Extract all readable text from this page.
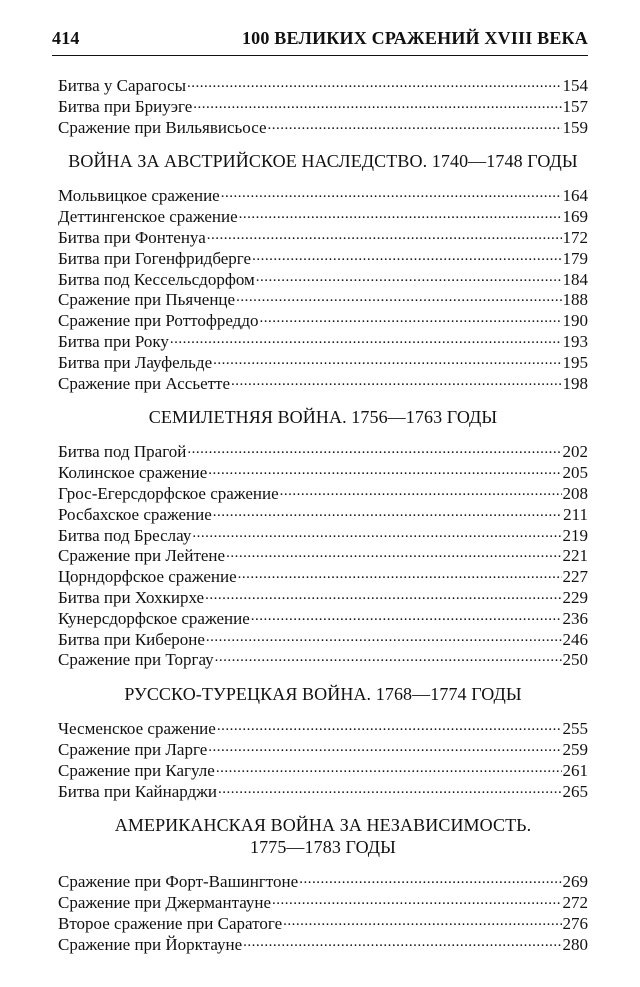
414	100 ВЕЛИКИХ СРАЖЕНИЙ XVIII ВЕКА
Битва у Сарагосы .....	154
Битва при Бриуэге .....	157
Сражение при Вильявисьосе .....	159
ВОЙНА ЗА АВСТРИЙСКОЕ НАСЛЕДСТВО. 1740—1748 ГОДЫ
Мольвицкое сражение .....	164
Деттингенское сражение .....	169
Битва при Фонтенуа .....	172
Битва при Гогенфридберге .....	179
Битва под Кессельсдорфом .....	184
Сражение при Пьяченце .....	188
Сражение при Роттофреддо .....	190
Битва при Року .....	193
Битва при Лауфельде .....	195
Сражение при Ассьетте .....	198
СЕМИЛЕТНЯЯ ВОЙНА. 1756—1763 ГОДЫ
Битва под Прагой .....	202
Колинское сражение .....	205
Грос-Егерсдорфское сражение .....	208
Росбахское сражение .....	211
Битва под Бреслау .....	219
Сражение при Лейтене .....	221
Цорндорфское сражение .....	227
Битва при Хохкирхе .....	229
Кунерсдорфское сражение .....	236
Битва при Кибероне .....	246
Сражение при Торгау .....	250
РУССКО-ТУРЕЦКАЯ ВОЙНА. 1768—1774 ГОДЫ
Чесменское сражение .....	255
Сражение при Ларге .....	259
Сражение при Кагуле .....	261
Битва при Кайнарджи .....	265
АМЕРИКАНСКАЯ ВОЙНА ЗА НЕЗАВИСИМОСТЬ.
1775—1783 ГОДЫ
Сражение при Форт-Вашингтоне .....	269
Сражение при Джермантауне .....	272
Второе сражение при Саратоге .....	276
Сражение при Йорктауне .....	280
